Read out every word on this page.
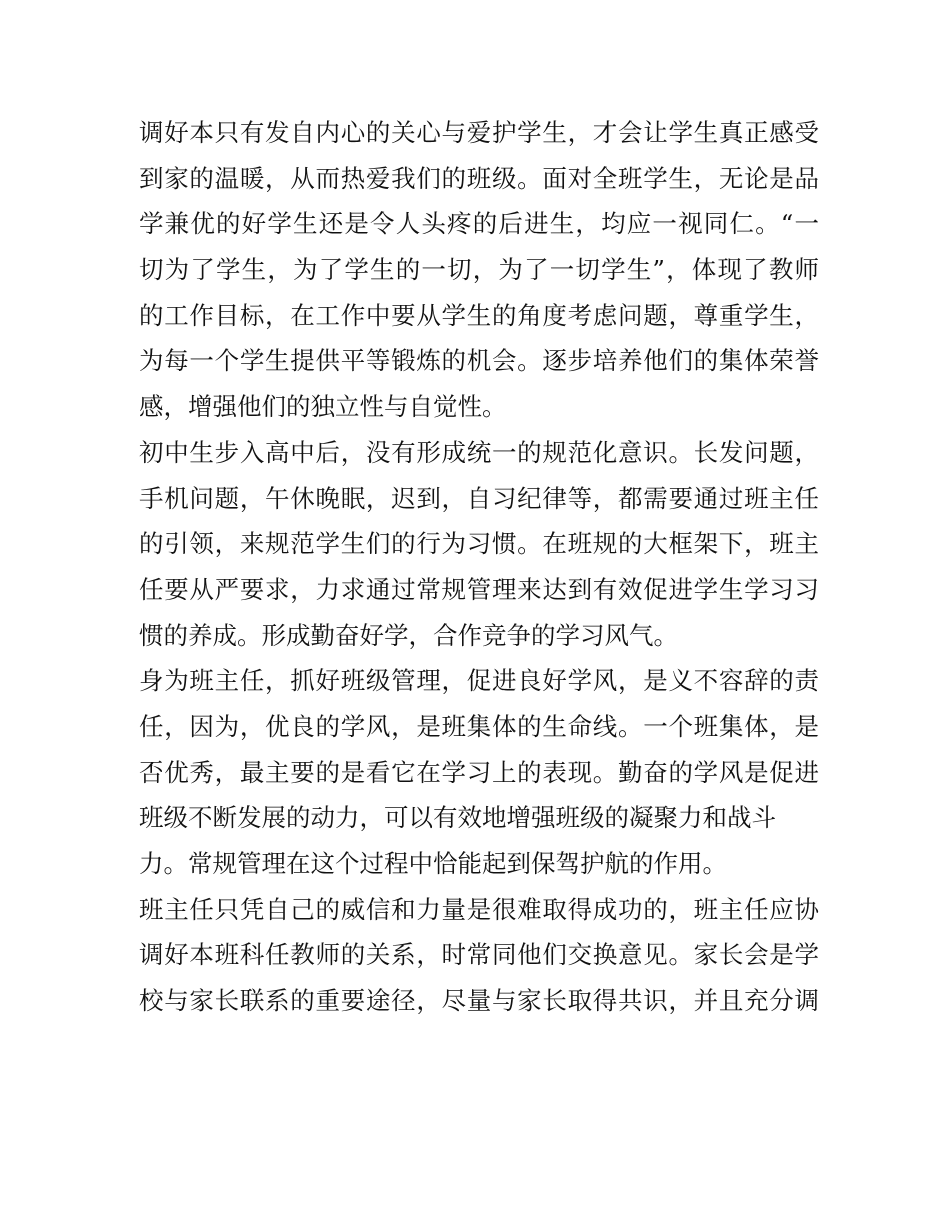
调好本只有发自内心的关心与爱护学生，才会让学生真正感受
到家的温暖，从而热爱我们的班级。面对全班学生，无论是品
学兼优的好学生还是令人头疼的后进生，均应一视同仁。“一
切为了学生，为了学生的一切，为了一切学生”，体现了教师
的工作目标，在工作中要从学生的角度考虑问题，尊重学生，
为每一个学生提供平等锻炼的机会。逐步培养他们的集体荣誉
感，增强他们的独立性与自觉性。
初中生步入高中后，没有形成统一的规范化意识。长发问题，
手机问题，午休晚眠，迟到，自习纪律等，都需要通过班主任
的引领，来规范学生们的行为习惯。在班规的大框架下，班主
任要从严要求，力求通过常规管理来达到有效促进学生学习习
惯的养成。形成勤奋好学，合作竞争的学习风气。
身为班主任，抓好班级管理，促进良好学风，是义不容辞的责
任，因为，优良的学风，是班集体的生命线。一个班集体，是
否优秀，最主要的是看它在学习上的表现。勤奋的学风是促进
班级不断发展的动力，可以有效地增强班级的凝聚力和战斗
力。常规管理在这个过程中恰能起到保驾护航的作用。
班主任只凭自己的威信和力量是很难取得成功的，班主任应协
调好本班科任教师的关系，时常同他们交换意见。家长会是学
校与家长联系的重要途径，尽量与家长取得共识，并且充分调
